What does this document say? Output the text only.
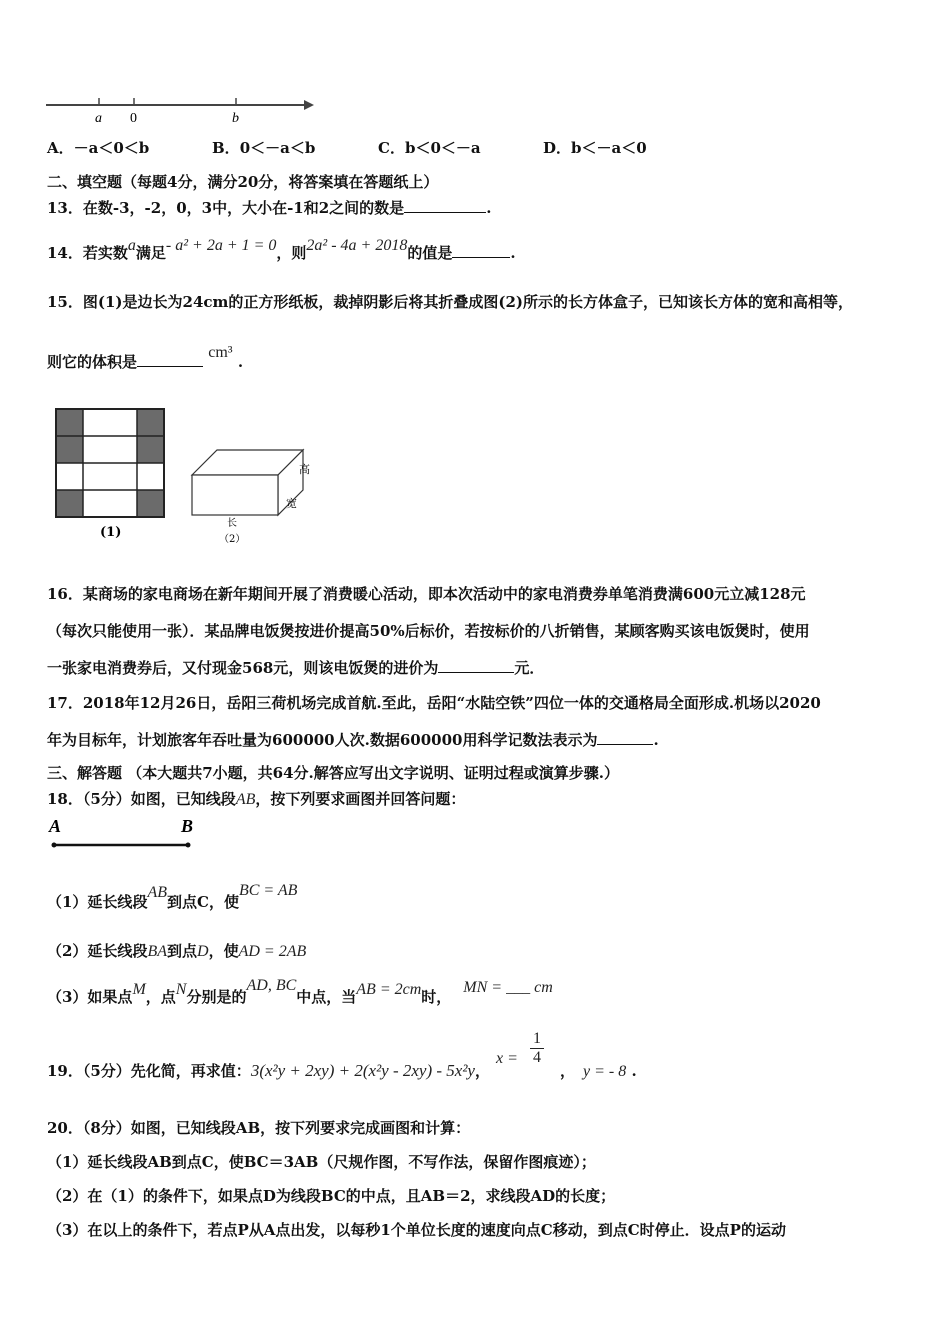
a 0	b
A．－a＜0＜b	B．0＜－a＜b	C．b＜0＜－a	D．b＜－a＜0
二、填空题（每题4分，满分20分，将答案填在答题纸上）
13．在数-3，-2，0，3中，大小在-1和2之间的数是	.
14．若实数a满足- a² + 2a + 1 = 0，则2a² - 4a + 2018的值是	.
15．图(1)是边长为24cm的正方形纸板，裁掉阴影后将其折叠成图(2)所示的长方体盒子，已知该长方体的宽和高相等，
则它的体积是 cm³ .
(1)
高
宽
长
（2）
16．某商场的家电商场在新年期间开展了消费暖心活动，即本次活动中的家电消费券单笔消费满600元立减128元
（每次只能使用一张）．某品牌电饭煲按进价提高50%后标价，若按标价的八折销售，某顾客购买该电饭煲时，使用
一张家电消费券后，又付现金568元，则该电饭煲的进价为	元．
17．2018年12月26日，岳阳三荷机场完成首航.至此，岳阳“水陆空铁”四位一体的交通格局全面形成.机场以2020
年为目标年，计划旅客年吞吐量为600000人次.数据600000用科学记数法表示为	.
三、解答题 （本大题共7小题，共64分.解答应写出文字说明、证明过程或演算步骤.）
18．（5分）如图，已知线段AB，按下列要求画图并回答问题：
A	B
（1）延长线段AB到点C，使BC = AB
（2）延长线段BA到点D，使AD = 2AB
（3）如果点M，点N分别是的AD, BC中点，当AB = 2cm时，MN = ___ cm
19．（5分）先化简，再求值：3(x²y + 2xy) + 2(x²y - 2xy) - 5x²y，
x =
1
4
， y = - 8 .
20．（8分）如图，已知线段AB，按下列要求完成画图和计算：
（1）延长线段AB到点C，使BC＝3AB（尺规作图，不写作法，保留作图痕迹）；
（2）在（1）的条件下，如果点D为线段BC的中点，且AB＝2，求线段AD的长度；
（3）在以上的条件下，若点P从A点出发，以每秒1个单位长度的速度向点C移动，到点C时停止．设点P的运动
